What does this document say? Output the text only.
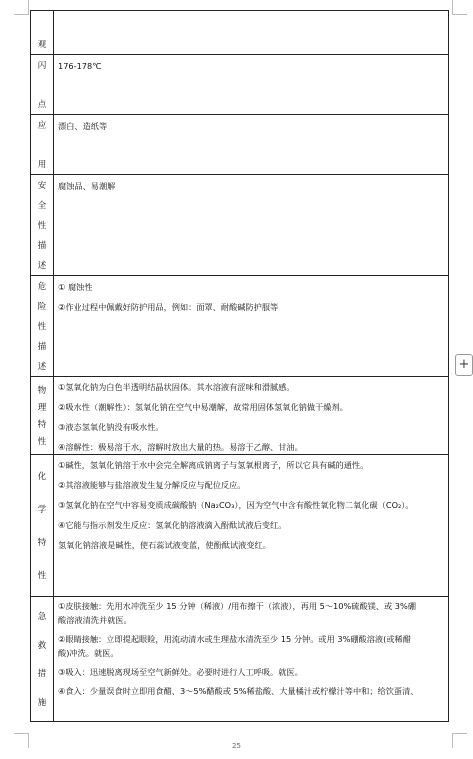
观
闪
点

176-178℃

应
用

漂白、造纸等

安
全
性
描
述

腐蚀品、易潮解

危
险
性
描
述

① 腐蚀性

②作业过程中佩戴好防护用品，例如：面罩、耐酸碱防护服等

物
理
特
性

①氢氧化钠为白色半透明结晶状固体。其水溶液有涩味和滑腻感。

②吸水性（潮解性）：氢氧化钠在空气中易潮解，故常用固体氢氧化钠做干燥剂。

③液态氢氧化钠没有吸水性。

④溶解性：极易溶于水，溶解时放出大量的热。易溶于乙醇、甘油。

化
学
特
性

①碱性，氢氧化钠溶于水中会完全解离成钠离子与氢氧根离子，所以它具有碱的通性。

②其溶液能够与盐溶液发生复分解反应与配位反应。

③氢氧化钠在空气中容易变质成碳酸钠（Na₂CO₃），因为空气中含有酸性氧化物二氧化碳（CO₂）。

④它能与指示剂发生反应：氢氧化钠溶液滴入酚酞试液后变红。

氢氧化钠溶液是碱性，使石蕊试液变蓝，使酚酞试液变红。

急
救
措
施

①皮肤接触：先用水冲洗至少 15 分钟（稀液）/用布擦干（浓液），再用 5～10%硫酸镁、或 3%硼

酸溶液清洗并就医。

②眼睛接触：立即提起眼睑，用流动清水或生理盐水清洗至少 15 分钟。或用 3%硼酸溶液(或稀醋

酸)冲洗。就医。

③吸入：迅速脱离现场至空气新鲜处。必要时进行人工呼吸。就医。

④食入：少量误食时立即用食醋、3～5%醋酸或 5%稀盐酸、大量橘汁或柠檬汁等中和；给饮蛋清、

+
25
